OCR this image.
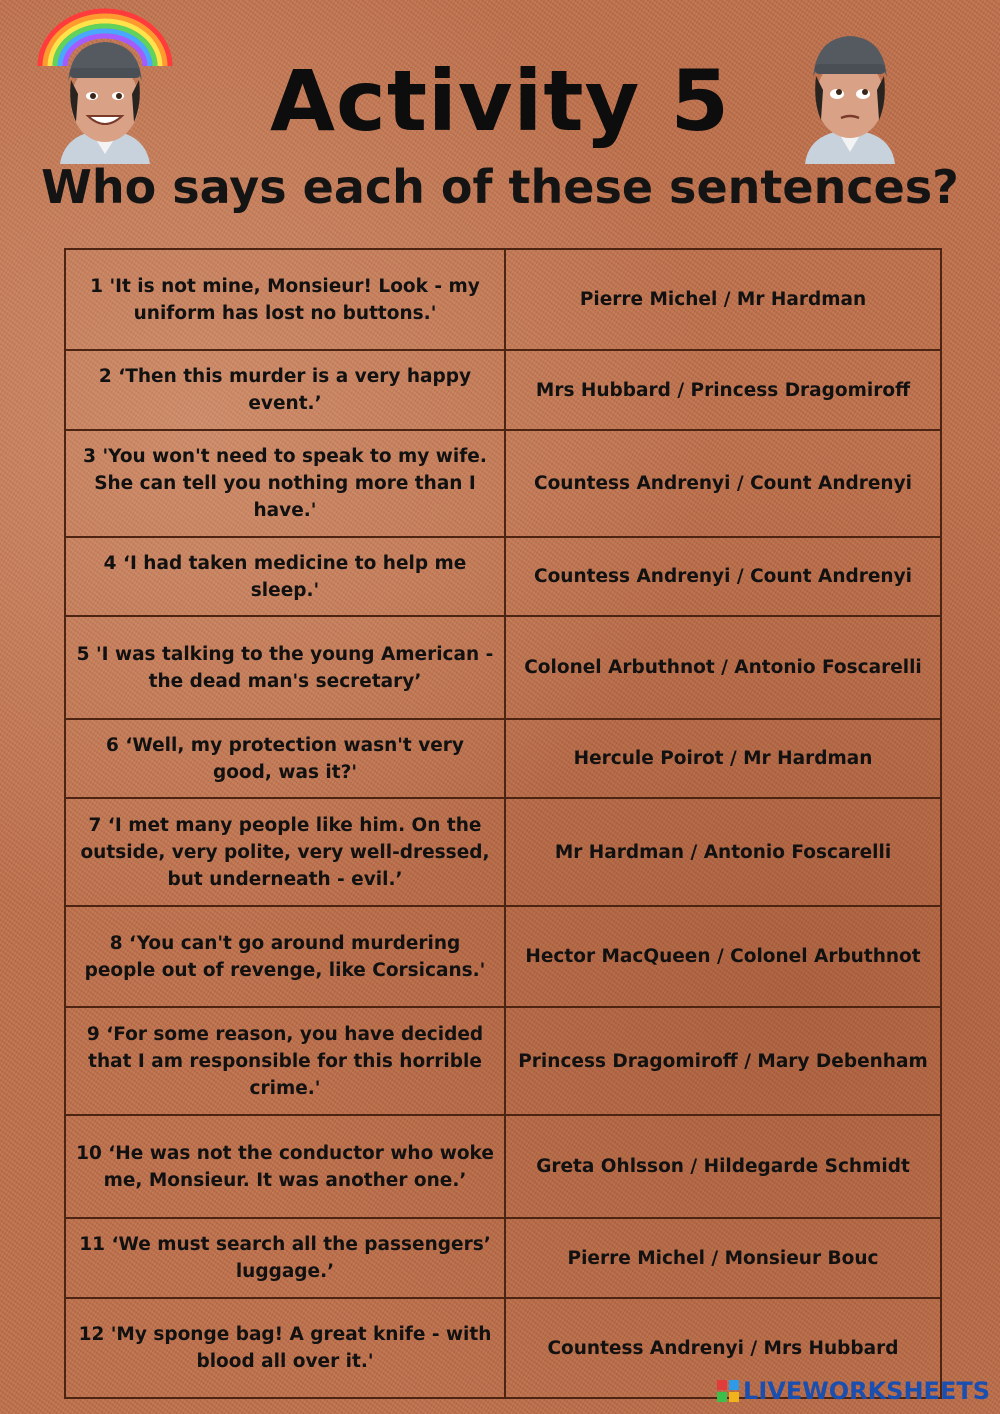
Activity 5
Who says each of these sentences?
1 'It is not mine, Monsieur! Look - my uniform has lost no buttons.'	Pierre Michel / Mr Hardman
2 ‘Then this murder is a very happy event.’	Mrs Hubbard / Princess Dragomiroff
3 'You won't need to speak to my wife. She can tell you nothing more than I have.'	Countess Andrenyi / Count Andrenyi
4 ‘I had taken medicine to help me sleep.'	Countess Andrenyi / Count Andrenyi
5 'I was talking to the young American - the dead man's secretary’	Colonel Arbuthnot / Antonio Foscarelli
6 ‘Well, my protection wasn't very good, was it?'	Hercule Poirot / Mr Hardman
7 ‘I met many people like him. On the outside, very polite, very well-dressed, but underneath - evil.’	Mr Hardman / Antonio Foscarelli
8 ‘You can't go around murdering people out of revenge, like Corsicans.'	Hector MacQueen / Colonel Arbuthnot
9 ‘For some reason, you have decided that I am responsible for this horrible crime.'	Princess Dragomiroff / Mary Debenham
10 ‘He was not the conductor who woke me, Monsieur. It was another one.’	Greta Ohlsson / Hildegarde Schmidt
11 ‘We must search all the passengers’ luggage.’	Pierre Michel / Monsieur Bouc
12 'My sponge bag! A great knife - with blood all over it.'	Countess Andrenyi / Mrs Hubbard
LIVEWORKSHEETS
